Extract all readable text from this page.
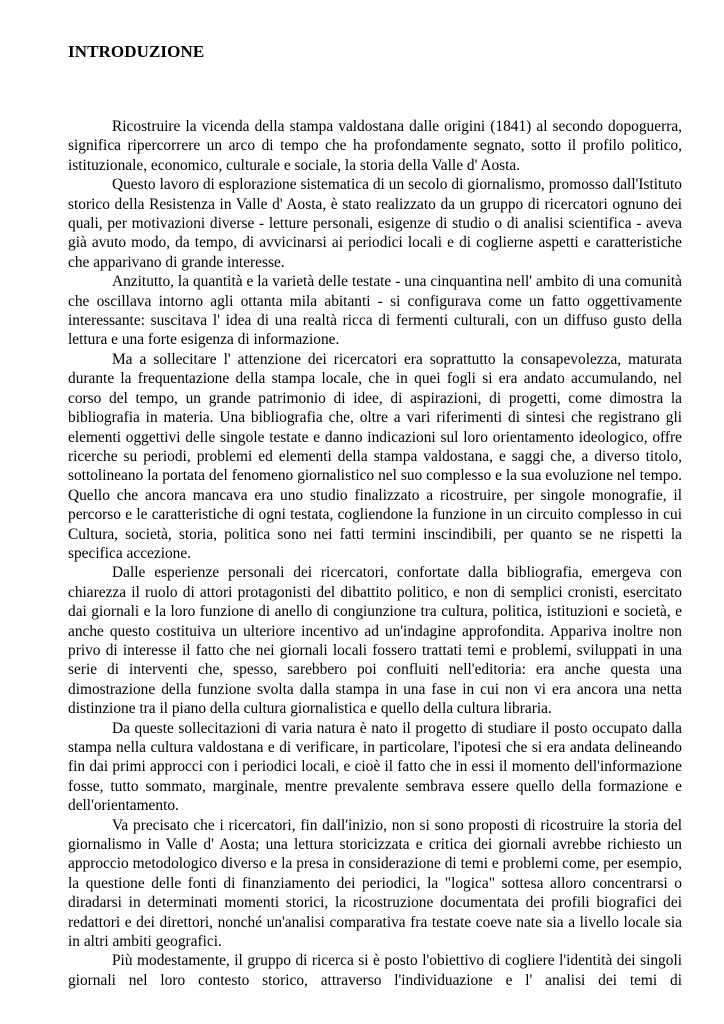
INTRODUZIONE

Ricostruire la vicenda della stampa valdostana dalle origini (1841) al secondo dopoguerra, significa ripercorrere un arco di tempo che ha profondamente segnato, sotto il profilo politico, istituzionale, economico, culturale e sociale, la storia della Valle d' Aosta.

Questo lavoro di esplorazione sistematica di un secolo di giornalismo, promosso dall'Istituto storico della Resistenza in Valle d' Aosta, è stato realizzato da un gruppo di ricercatori ognuno dei quali, per motivazioni diverse - letture personali, esigenze di studio o di analisi scientifica - aveva già avuto modo, da tempo, di avvicinarsi ai periodici locali e di coglierne aspetti e caratteristiche che apparivano di grande interesse.

Anzitutto, la quantità e la varietà delle testate - una cinquantina nell' ambito di una comunità che oscillava intorno agli ottanta mila abitanti - si configurava come un fatto oggettivamente interessante: suscitava l' idea di una realtà ricca di fermenti culturali, con un diffuso gusto della lettura e una forte esigenza di informazione.

Ma a sollecitare l' attenzione dei ricercatori era soprattutto la consapevolezza, maturata durante la frequentazione della stampa locale, che in quei fogli si era andato accumulando, nel corso del tempo, un grande patrimonio di idee, di aspirazioni, di progetti, come dimostra la bibliografia in materia. Una bibliografia che, oltre a vari riferimenti di sintesi che registrano gli elementi oggettivi delle singole testate e danno indicazioni sul loro orientamento ideologico, offre ricerche su periodi, problemi ed elementi della stampa valdostana, e saggi che, a diverso titolo, sottolineano la portata del fenomeno giornalistico nel suo complesso e la sua evoluzione nel tempo. Quello che ancora mancava era uno studio finalizzato a ricostruire, per singole monografie, il percorso e le caratteristiche di ogni testata, cogliendone la funzione in un circuito complesso in cui Cultura, società, storia, politica sono nei fatti termini inscindibili, per quanto se ne rispetti la specifica accezione.

Dalle esperienze personali dei ricercatori, confortate dalla bibliografia, emergeva con chiarezza il ruolo di attori protagonisti del dibattito politico, e non di semplici cronisti, esercitato dai giornali e la loro funzione di anello di congiunzione tra cultura, politica, istituzioni e società, e anche questo costituiva un ulteriore incentivo ad un'indagine approfondita. Appariva inoltre non privo di interesse il fatto che nei giornali locali fossero trattati temi e problemi, sviluppati in una serie di interventi che, spesso, sarebbero poi confluiti nell'editoria: era anche questa una dimostrazione della funzione svolta dalla stampa in una fase in cui non vi era ancora una netta distinzione tra il piano della cultura giornalistica e quello della cultura libraria.

Da queste sollecitazioni di varia natura è nato il progetto di studiare il posto occupato dalla stampa nella cultura valdostana e di verificare, in particolare, l'ipotesi che si era andata delineando fin dai primi approcci con i periodici locali, e cioè il fatto che in essi il momento dell'informazione fosse, tutto sommato, marginale, mentre prevalente sembrava essere quello della formazione e dell'orientamento.

Va precisato che i ricercatori, fin dall'inizio, non si sono proposti di ricostruire la storia del giornalismo in Valle d' Aosta; una lettura storicizzata e critica dei giornali avrebbe richiesto un approccio metodologico diverso e la presa in considerazione di temi e problemi come, per esempio, la questione delle fonti di finanziamento dei periodici, la "logica" sottesa alloro concentrarsi o diradarsi in determinati momenti storici, la ricostruzione documentata dei profili biografici dei redattori e dei direttori, nonché un'analisi comparativa fra testate coeve nate sia a livello locale sia in altri ambiti geografici.

Più modestamente, il gruppo di ricerca si è posto l'obiettivo di cogliere l'identità dei singoli giornali nel loro contesto storico, attraverso l'individuazione e l' analisi dei temi di
